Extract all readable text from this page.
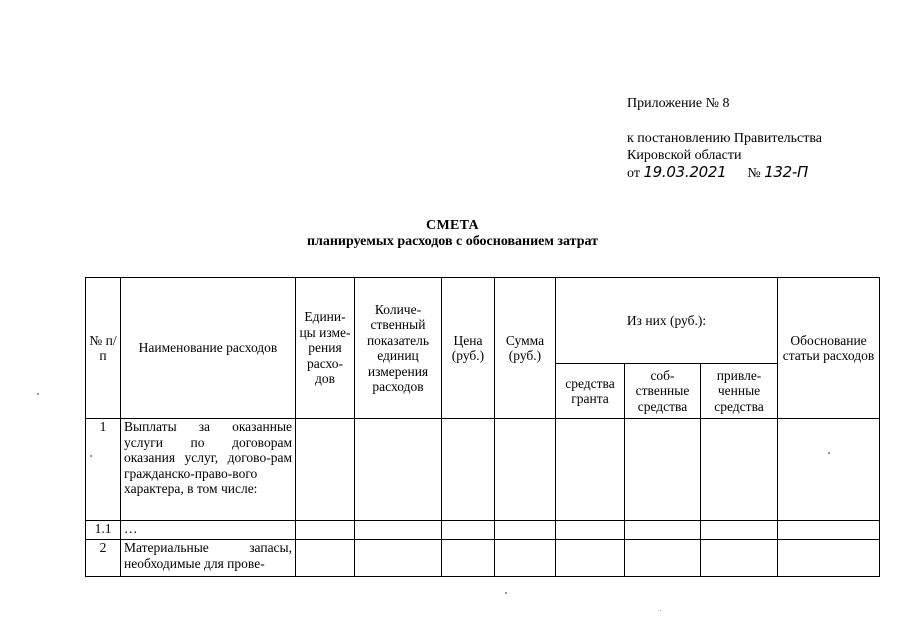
Приложение № 8
к постановлению Правительства
Кировской области
от 19.03.2021 № 132-П
СМЕТА
планируемых расходов с обоснованием затрат
№ п/п	Наименование расходов	Едини-цы изме-рения расхо-дов	Количе-ственный показатель единиц измерения расходов	Цена (руб.)	Сумма (руб.)	Из них (руб.):			Обоснование статьи расходов
						средства гранта	соб-ственные средства	привле-ченные средства	
1	Выплаты за оказанные услуги по договорам оказания услуг, догово-рам гражданско-право-вого характера, в том числе:								
1.1	…								
2	Материальные запасы, необходимые для прове-								
